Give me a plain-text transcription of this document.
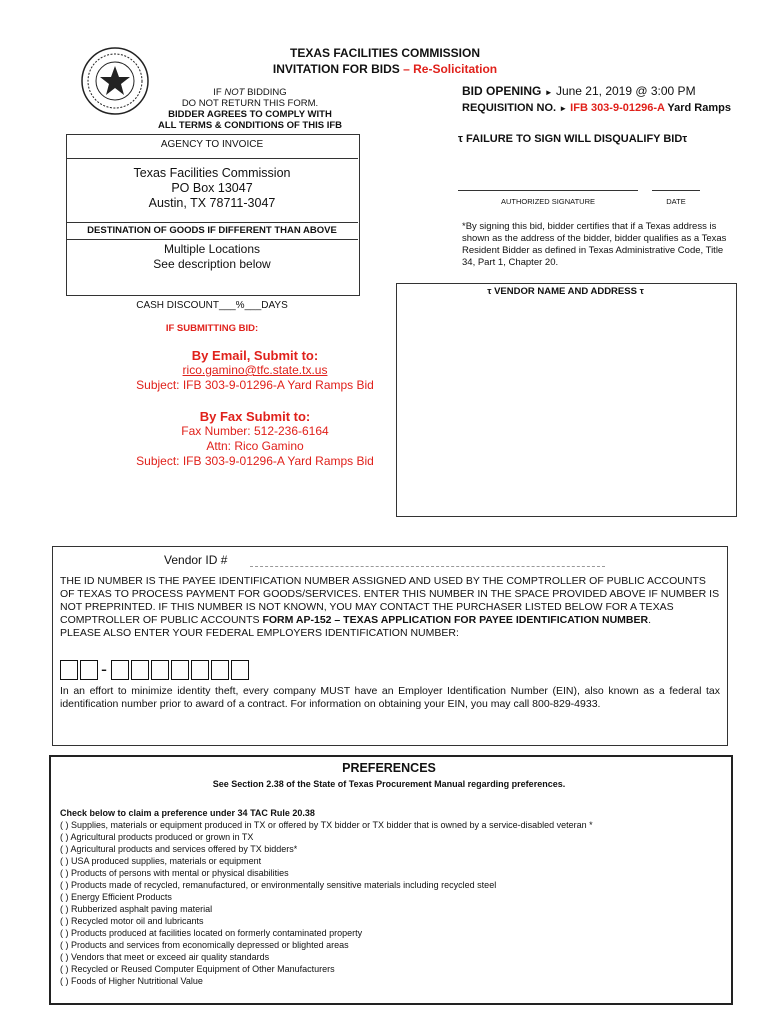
TEXAS FACILITIES COMMISSION
INVITATION FOR BIDS – Re-Solicitation
IF NOT BIDDING
DO NOT RETURN THIS FORM.
BIDDER AGREES TO COMPLY WITH
ALL TERMS & CONDITIONS OF THIS IFB
AGENCY TO INVOICE
Texas Facilities Commission
PO Box 13047
Austin, TX 78711-3047
DESTINATION OF GOODS IF DIFFERENT THAN ABOVE
Multiple Locations
See description below
CASH DISCOUNT___%___DAYS
IF SUBMITTING BID:
By Email, Submit to:
rico.gamino@tfc.state.tx.us
Subject: IFB 303-9-01296-A Yard Ramps Bid
By Fax Submit to:
Fax Number: 512-236-6164
Attn: Rico Gamino
Subject: IFB 303-9-01296-A Yard Ramps Bid
BID OPENING ► June 21, 2019 @ 3:00 PM
REQUISITION NO. ► IFB 303-9-01296-A Yard Ramps
τ FAILURE TO SIGN WILL DISQUALIFY BIDτ
AUTHORIZED SIGNATURE	DATE
*By signing this bid, bidder certifies that if a Texas address is shown as the address of the bidder, bidder qualifies as a Texas Resident Bidder as defined in Texas Administrative Code, Title 34, Part 1, Chapter 20.
τ VENDOR NAME AND ADDRESS τ
Vendor ID #
THE ID NUMBER IS THE PAYEE IDENTIFICATION NUMBER ASSIGNED AND USED BY THE COMPTROLLER OF PUBLIC ACCOUNTS OF TEXAS TO PROCESS PAYMENT FOR GOODS/SERVICES. ENTER THIS NUMBER IN THE SPACE PROVIDED ABOVE IF NUMBER IS NOT PREPRINTED. IF THIS NUMBER IS NOT KNOWN, YOU MAY CONTACT THE PURCHASER LISTED BELOW FOR A TEXAS COMPTROLLER OF PUBLIC ACCOUNTS FORM AP-152 – TEXAS APPLICATION FOR PAYEE IDENTIFICATION NUMBER.
PLEASE ALSO ENTER YOUR FEDERAL EMPLOYERS IDENTIFICATION NUMBER:
-
In an effort to minimize identity theft, every company MUST have an Employer Identification Number (EIN), also known as a federal tax identification number prior to award of a contract. For information on obtaining your EIN, you may call 800-829-4933.
PREFERENCES
See Section 2.38 of the State of Texas Procurement Manual regarding preferences.
Check below to claim a preference under 34 TAC Rule 20.38
( ) Supplies, materials or equipment produced in TX or offered by TX bidder or TX bidder that is owned by a service-disabled veteran *
( ) Agricultural products produced or grown in TX
( ) Agricultural products and services offered by TX bidders*
( ) USA produced supplies, materials or equipment
( ) Products of persons with mental or physical disabilities
( ) Products made of recycled, remanufactured, or environmentally sensitive materials including recycled steel
( ) Energy Efficient Products
( ) Rubberized asphalt paving material
( ) Recycled motor oil and lubricants
( ) Products produced at facilities located on formerly contaminated property
( ) Products and services from economically depressed or blighted areas
( ) Vendors that meet or exceed air quality standards
( ) Recycled or Reused Computer Equipment of Other Manufacturers
( ) Foods of Higher Nutritional Value
